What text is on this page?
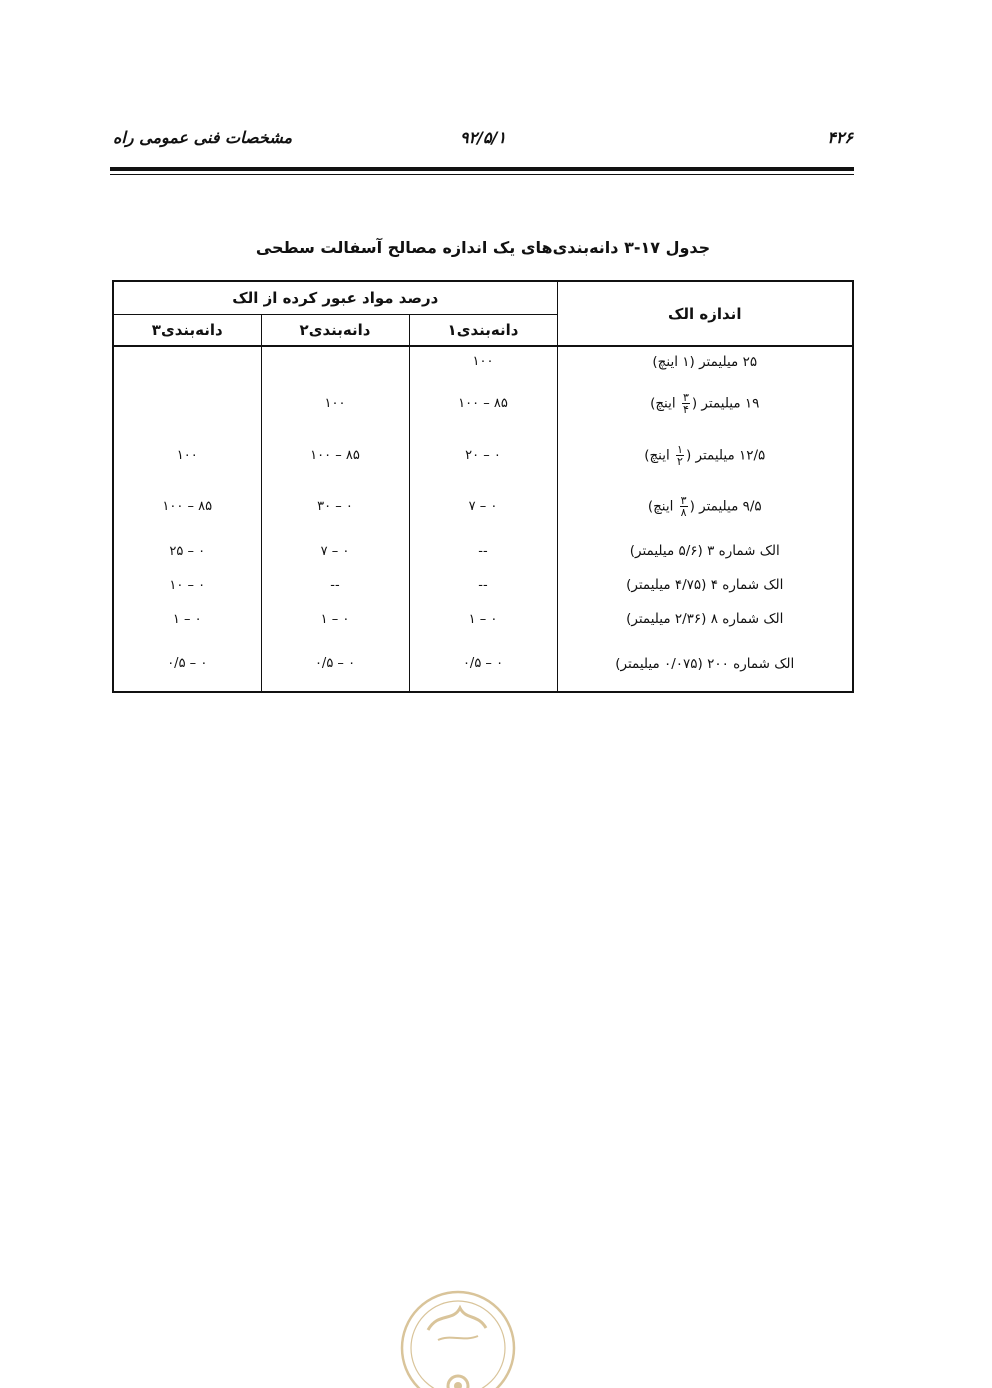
مشخصات فنی عمومی راه	۹۲/۵/۱	۴۲۶
جدول ۱۷-۳ دانه‌بندی‌های یک اندازه مصالح آسفالت سطحی
اندازه الک	درصد مواد عبور کرده از الک		
	دانه‌بندی۱	دانه‌بندی۲	دانه‌بندی۳
۲۵ میلیمتر (۱ اینچ)	۱۰۰		
۱۹ میلیمتر (
$\frac{۳}{۴}$
اینچ)	۱۰۰ – ۸۵	۱۰۰	
۱۲/۵ میلیمتر (
$\frac{۱}{۲}$
اینچ)	۲۰ – ۰	۱۰۰ – ۸۵	۱۰۰
۹/۵ میلیمتر (
$\frac{۳}{۸}$
اینچ)	۷ – ۰	۳۰ – ۰	۱۰۰ – ۸۵
الک شماره ۳ (۵/۶ میلیمتر)	--	۷ – ۰	۲۵ – ۰
الک شماره ۴ (۴/۷۵ میلیمتر)	--	--	۱۰ – ۰
الک شماره ۸ (۲/۳۶ میلیمتر)	۱ – ۰	۱ – ۰	۱ – ۰
الک شماره ۲۰۰ (۰/۰۷۵ میلیمتر)	۰/۵ – ۰	۰/۵ – ۰	۰/۵ – ۰
